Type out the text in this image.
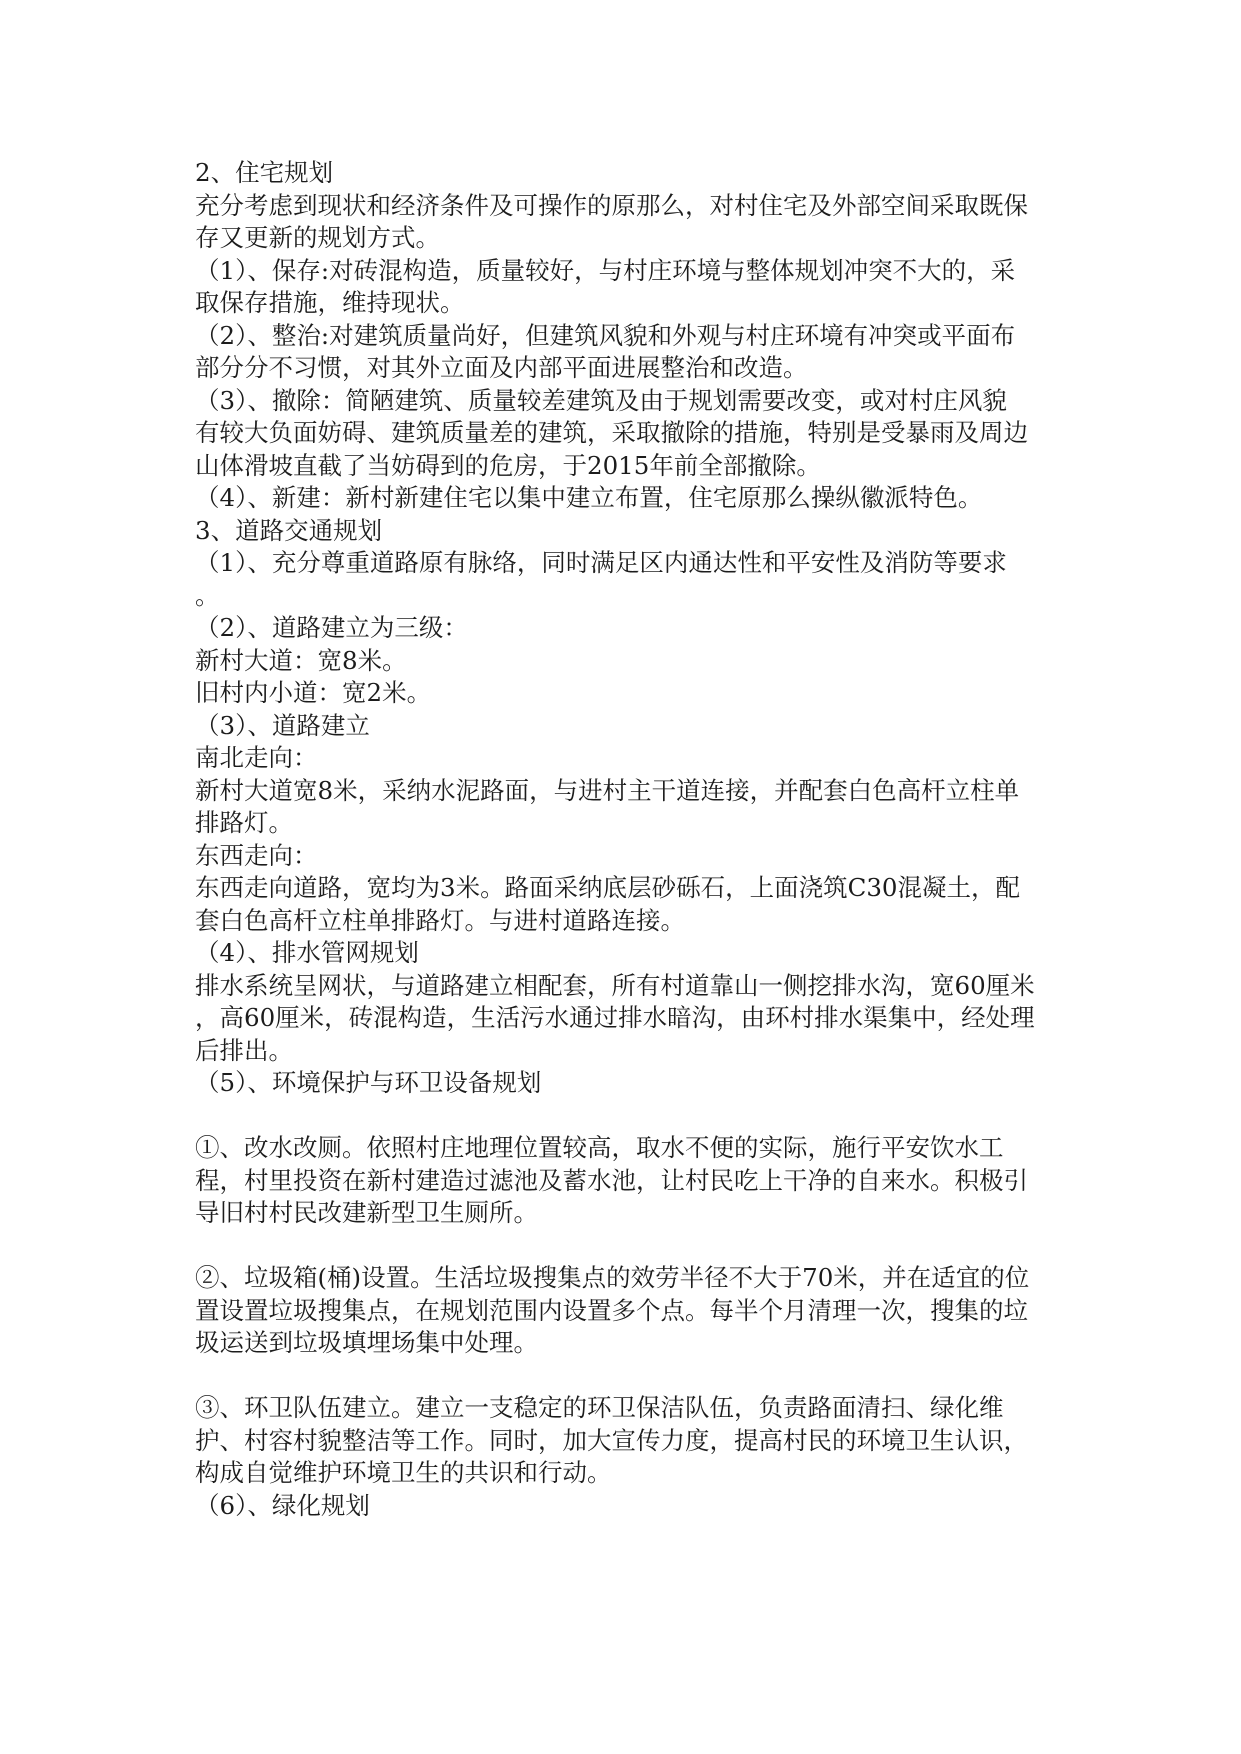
2、住宅规划
充分考虑到现状和经济条件及可操作的原那么，对村住宅及外部空间采取既保
存又更新的规划方式。
（1）、保存:对砖混构造，质量较好，与村庄环境与整体规划冲突不大的，采
取保存措施，维持现状。
（2）、整治:对建筑质量尚好，但建筑风貌和外观与村庄环境有冲突或平面布
部分分不习惯，对其外立面及内部平面进展整治和改造。
（3）、撤除：简陋建筑、质量较差建筑及由于规划需要改变，或对村庄风貌
有较大负面妨碍、建筑质量差的建筑，采取撤除的措施，特别是受暴雨及周边
山体滑坡直截了当妨碍到的危房，于2015年前全部撤除。
（4）、新建：新村新建住宅以集中建立布置，住宅原那么操纵徽派特色。
3、道路交通规划
（1）、充分尊重道路原有脉络，同时满足区内通达性和平安性及消防等要求
。
（2）、道路建立为三级：
新村大道：宽8米。
旧村内小道：宽2米。
（3）、道路建立
南北走向：
新村大道宽8米，采纳水泥路面，与进村主干道连接，并配套白色高杆立柱单
排路灯。
东西走向：
东西走向道路，宽均为3米。路面采纳底层砂砾石，上面浇筑C30混凝土，配
套白色高杆立柱单排路灯。与进村道路连接。
（4）、排水管网规划
排水系统呈网状，与道路建立相配套，所有村道靠山一侧挖排水沟，宽60厘米
，高60厘米，砖混构造，生活污水通过排水暗沟，由环村排水渠集中，经处理
后排出。
（5）、环境保护与环卫设备规划
①、改水改厕。依照村庄地理位置较高，取水不便的实际，施行平安饮水工
程，村里投资在新村建造过滤池及蓄水池，让村民吃上干净的自来水。积极引
导旧村村民改建新型卫生厕所。
②、垃圾箱(桶)设置。生活垃圾搜集点的效劳半径不大于70米，并在适宜的位
置设置垃圾搜集点，在规划范围内设置多个点。每半个月清理一次，搜集的垃
圾运送到垃圾填埋场集中处理。
③、环卫队伍建立。建立一支稳定的环卫保洁队伍，负责路面清扫、绿化维
护、村容村貌整洁等工作。同时，加大宣传力度，提高村民的环境卫生认识，
构成自觉维护环境卫生的共识和行动。
（6）、绿化规划
